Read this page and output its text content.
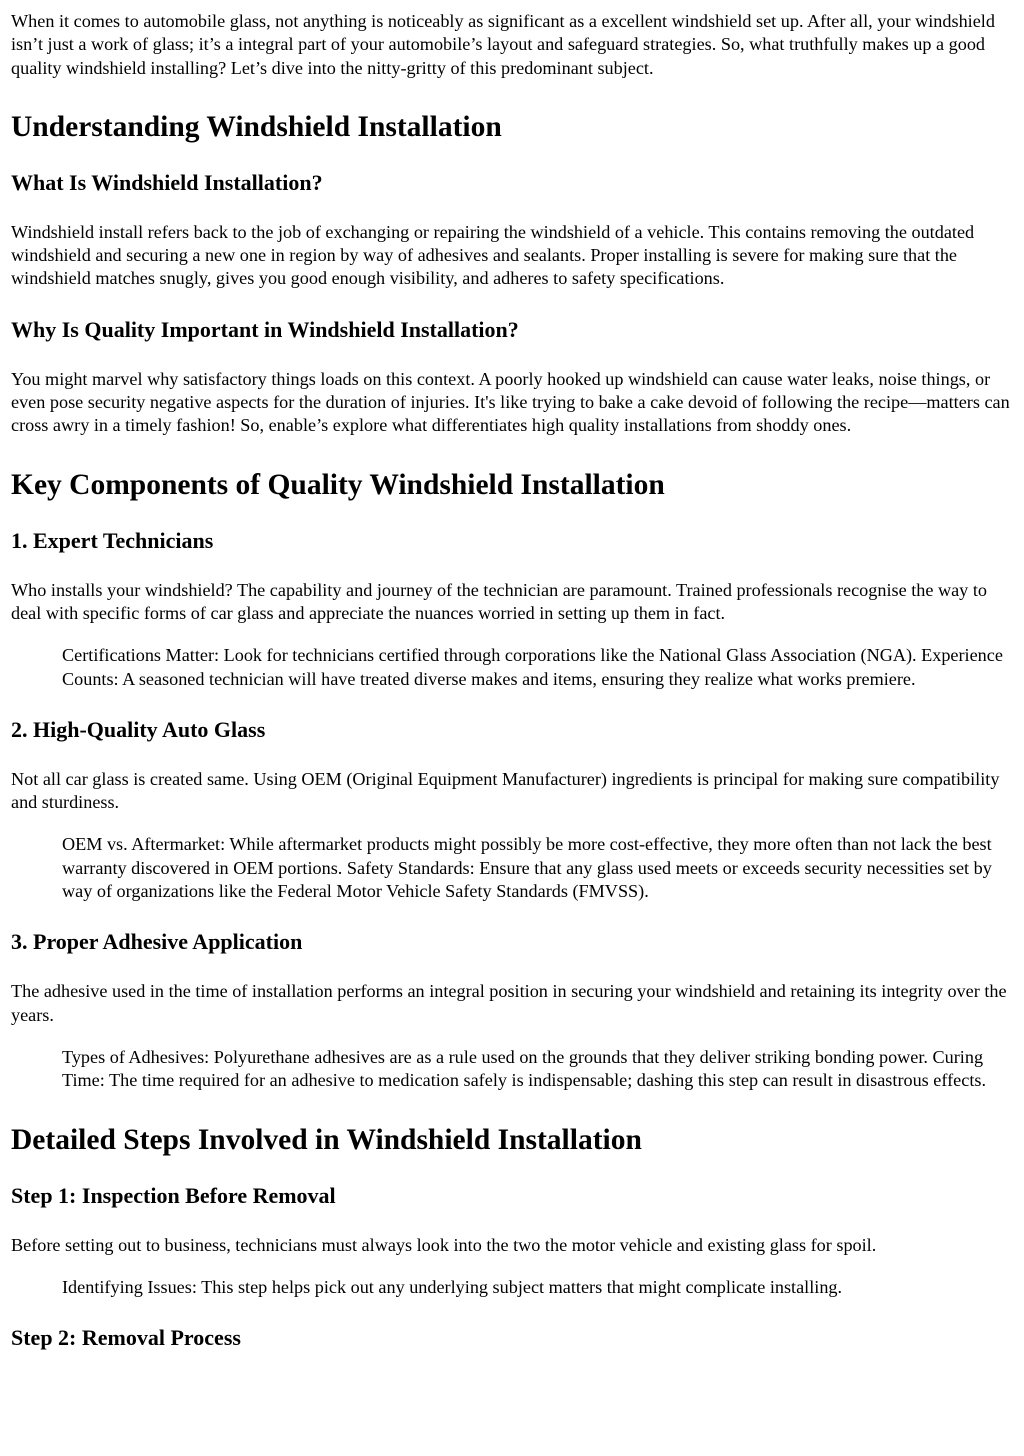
When it comes to automobile glass, not anything is noticeably as significant as a excellent windshield set up. After all, your windshield isn’t just a work of glass; it’s a integral part of your automobile’s layout and safeguard strategies. So, what truthfully makes up a good quality windshield installing? Let’s dive into the nitty-gritty of this predominant subject.

Understanding Windshield Installation
What Is Windshield Installation?

Windshield install refers back to the job of exchanging or repairing the windshield of a vehicle. This contains removing the outdated windshield and securing a new one in region by way of adhesives and sealants. Proper installing is severe for making sure that the windshield matches snugly, gives you good enough visibility, and adheres to safety specifications.

Why Is Quality Important in Windshield Installation?

You might marvel why satisfactory things loads on this context. A poorly hooked up windshield can cause water leaks, noise things, or even pose security negative aspects for the duration of injuries. It's like trying to bake a cake devoid of following the recipe—matters can cross awry in a timely fashion! So, enable’s explore what differentiates high quality installations from shoddy ones.

Key Components of Quality Windshield Installation
1. Expert Technicians

Who installs your windshield? The capability and journey of the technician are paramount. Trained professionals recognise the way to deal with specific forms of car glass and appreciate the nuances worried in setting up them in fact.

Certifications Matter: Look for technicians certified through corporations like the National Glass Association (NGA). Experience Counts: A seasoned technician will have treated diverse makes and items, ensuring they realize what works premiere.
2. High-Quality Auto Glass

Not all car glass is created same. Using OEM (Original Equipment Manufacturer) ingredients is principal for making sure compatibility and sturdiness.

OEM vs. Aftermarket: While aftermarket products might possibly be more cost-effective, they more often than not lack the best warranty discovered in OEM portions. Safety Standards: Ensure that any glass used meets or exceeds security necessities set by way of organizations like the Federal Motor Vehicle Safety Standards (FMVSS).
3. Proper Adhesive Application

The adhesive used in the time of installation performs an integral position in securing your windshield and retaining its integrity over the years.

Types of Adhesives: Polyurethane adhesives are as a rule used on the grounds that they deliver striking bonding power. Curing Time: The time required for an adhesive to medication safely is indispensable; dashing this step can result in disastrous effects.
Detailed Steps Involved in Windshield Installation
Step 1: Inspection Before Removal

Before setting out to business, technicians must always look into the two the motor vehicle and existing glass for spoil.

Identifying Issues: This step helps pick out any underlying subject matters that might complicate installing.
Step 2: Removal Process
